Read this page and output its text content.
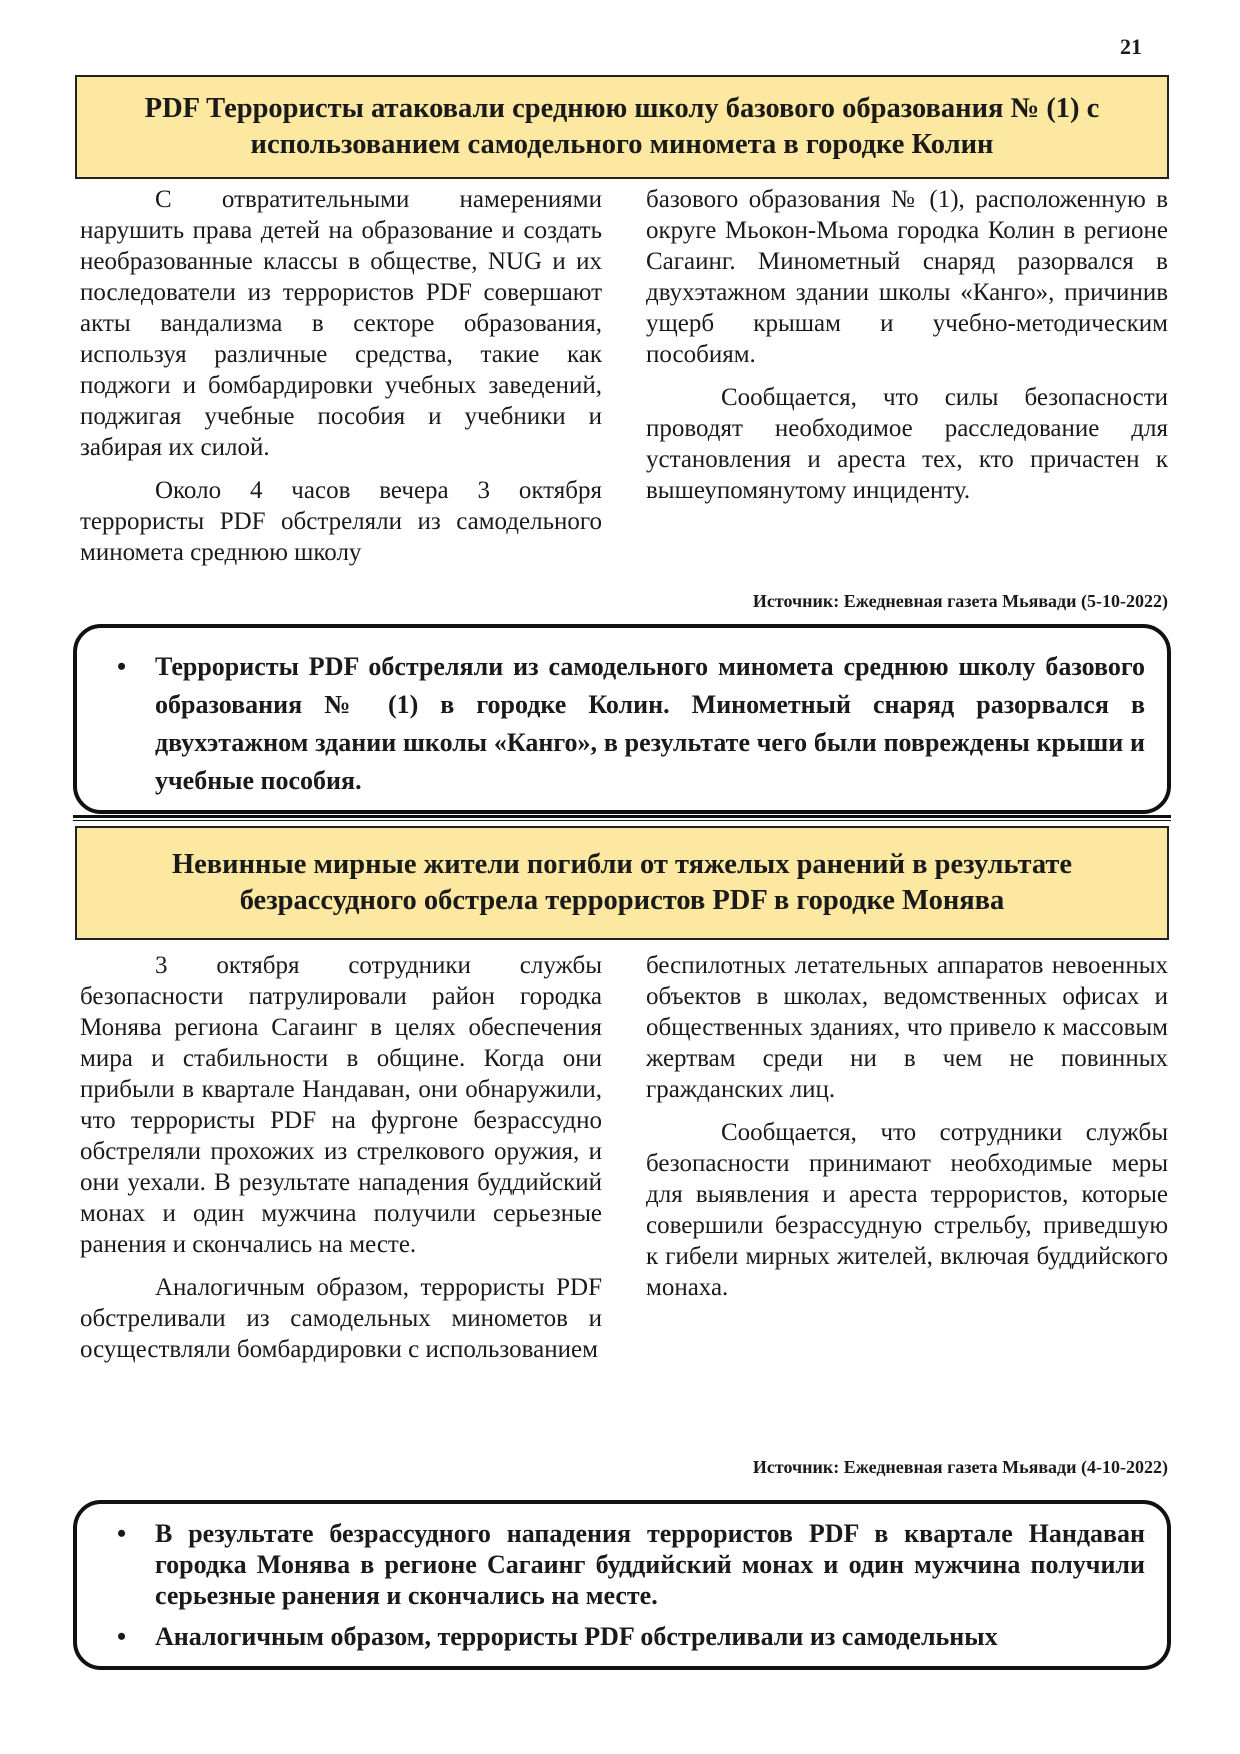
21
PDF Террористы атаковали среднюю школу базового образования № (1) с использованием самодельного миномета в городке Колин

С отвратительными намерениями нарушить права детей на образование и создать необразованные классы в обществе, NUG и их последователи из террористов PDF совершают акты вандализма в секторе образования, используя различные средства, такие как поджоги и бомбардировки учебных заведений, поджигая учебные пособия и учебники и забирая их силой.

Около 4 часов вечера 3 октября террористы PDF обстреляли из самодельного миномета среднюю школу

базового образования № (1), расположенную в округе Мьокон-Мьома городка Колин в регионе Сагаинг. Минометный снаряд разорвался в двухэтажном здании школы «Канго», причинив ущерб крышам и учебно-методическим пособиям.

Сообщается, что силы безопасности проводят необходимое расследование для установления и ареста тех, кто причастен к вышеупомянутому инциденту.

Источник: Ежедневная газета Мьявади (5-10-2022)
• Террористы PDF обстреляли из самодельного миномета среднюю школу базового образования № (1) в городке Колин. Минометный снаряд разорвался в двухэтажном здании школы «Канго», в результате чего были повреждены крыши и учебные пособия.
Невинные мирные жители погибли от тяжелых ранений в результате безрассудного обстрела террористов PDF в городке Монява

3 октября сотрудники службы безопасности патрулировали район городка Монява региона Сагаинг в целях обеспечения мира и стабильности в общине. Когда они прибыли в квартале Нандаван, они обнаружили, что террористы PDF на фургоне безрассудно обстреляли прохожих из стрелкового оружия, и они уехали. В результате нападения буддийский монах и один мужчина получили серьезные ранения и скончались на месте.

Аналогичным образом, террористы PDF обстреливали из самодельных минометов и осуществляли бомбардировки с использованием

беспилотных летательных аппаратов невоенных объектов в школах, ведомственных офисах и общественных зданиях, что привело к массовым жертвам среди ни в чем не повинных гражданских лиц.

Сообщается, что сотрудники службы безопасности принимают необходимые меры для выявления и ареста террористов, которые совершили безрассудную стрельбу, приведшую к гибели мирных жителей, включая буддийского монаха.

Источник: Ежедневная газета Мьявади (4-10-2022)
• В результате безрассудного нападения террористов PDF в квартале Нандаван городка Монява в регионе Сагаинг буддийский монах и один мужчина получили серьезные ранения и скончались на месте.
• Аналогичным образом, террористы PDF обстреливали из самодельных
